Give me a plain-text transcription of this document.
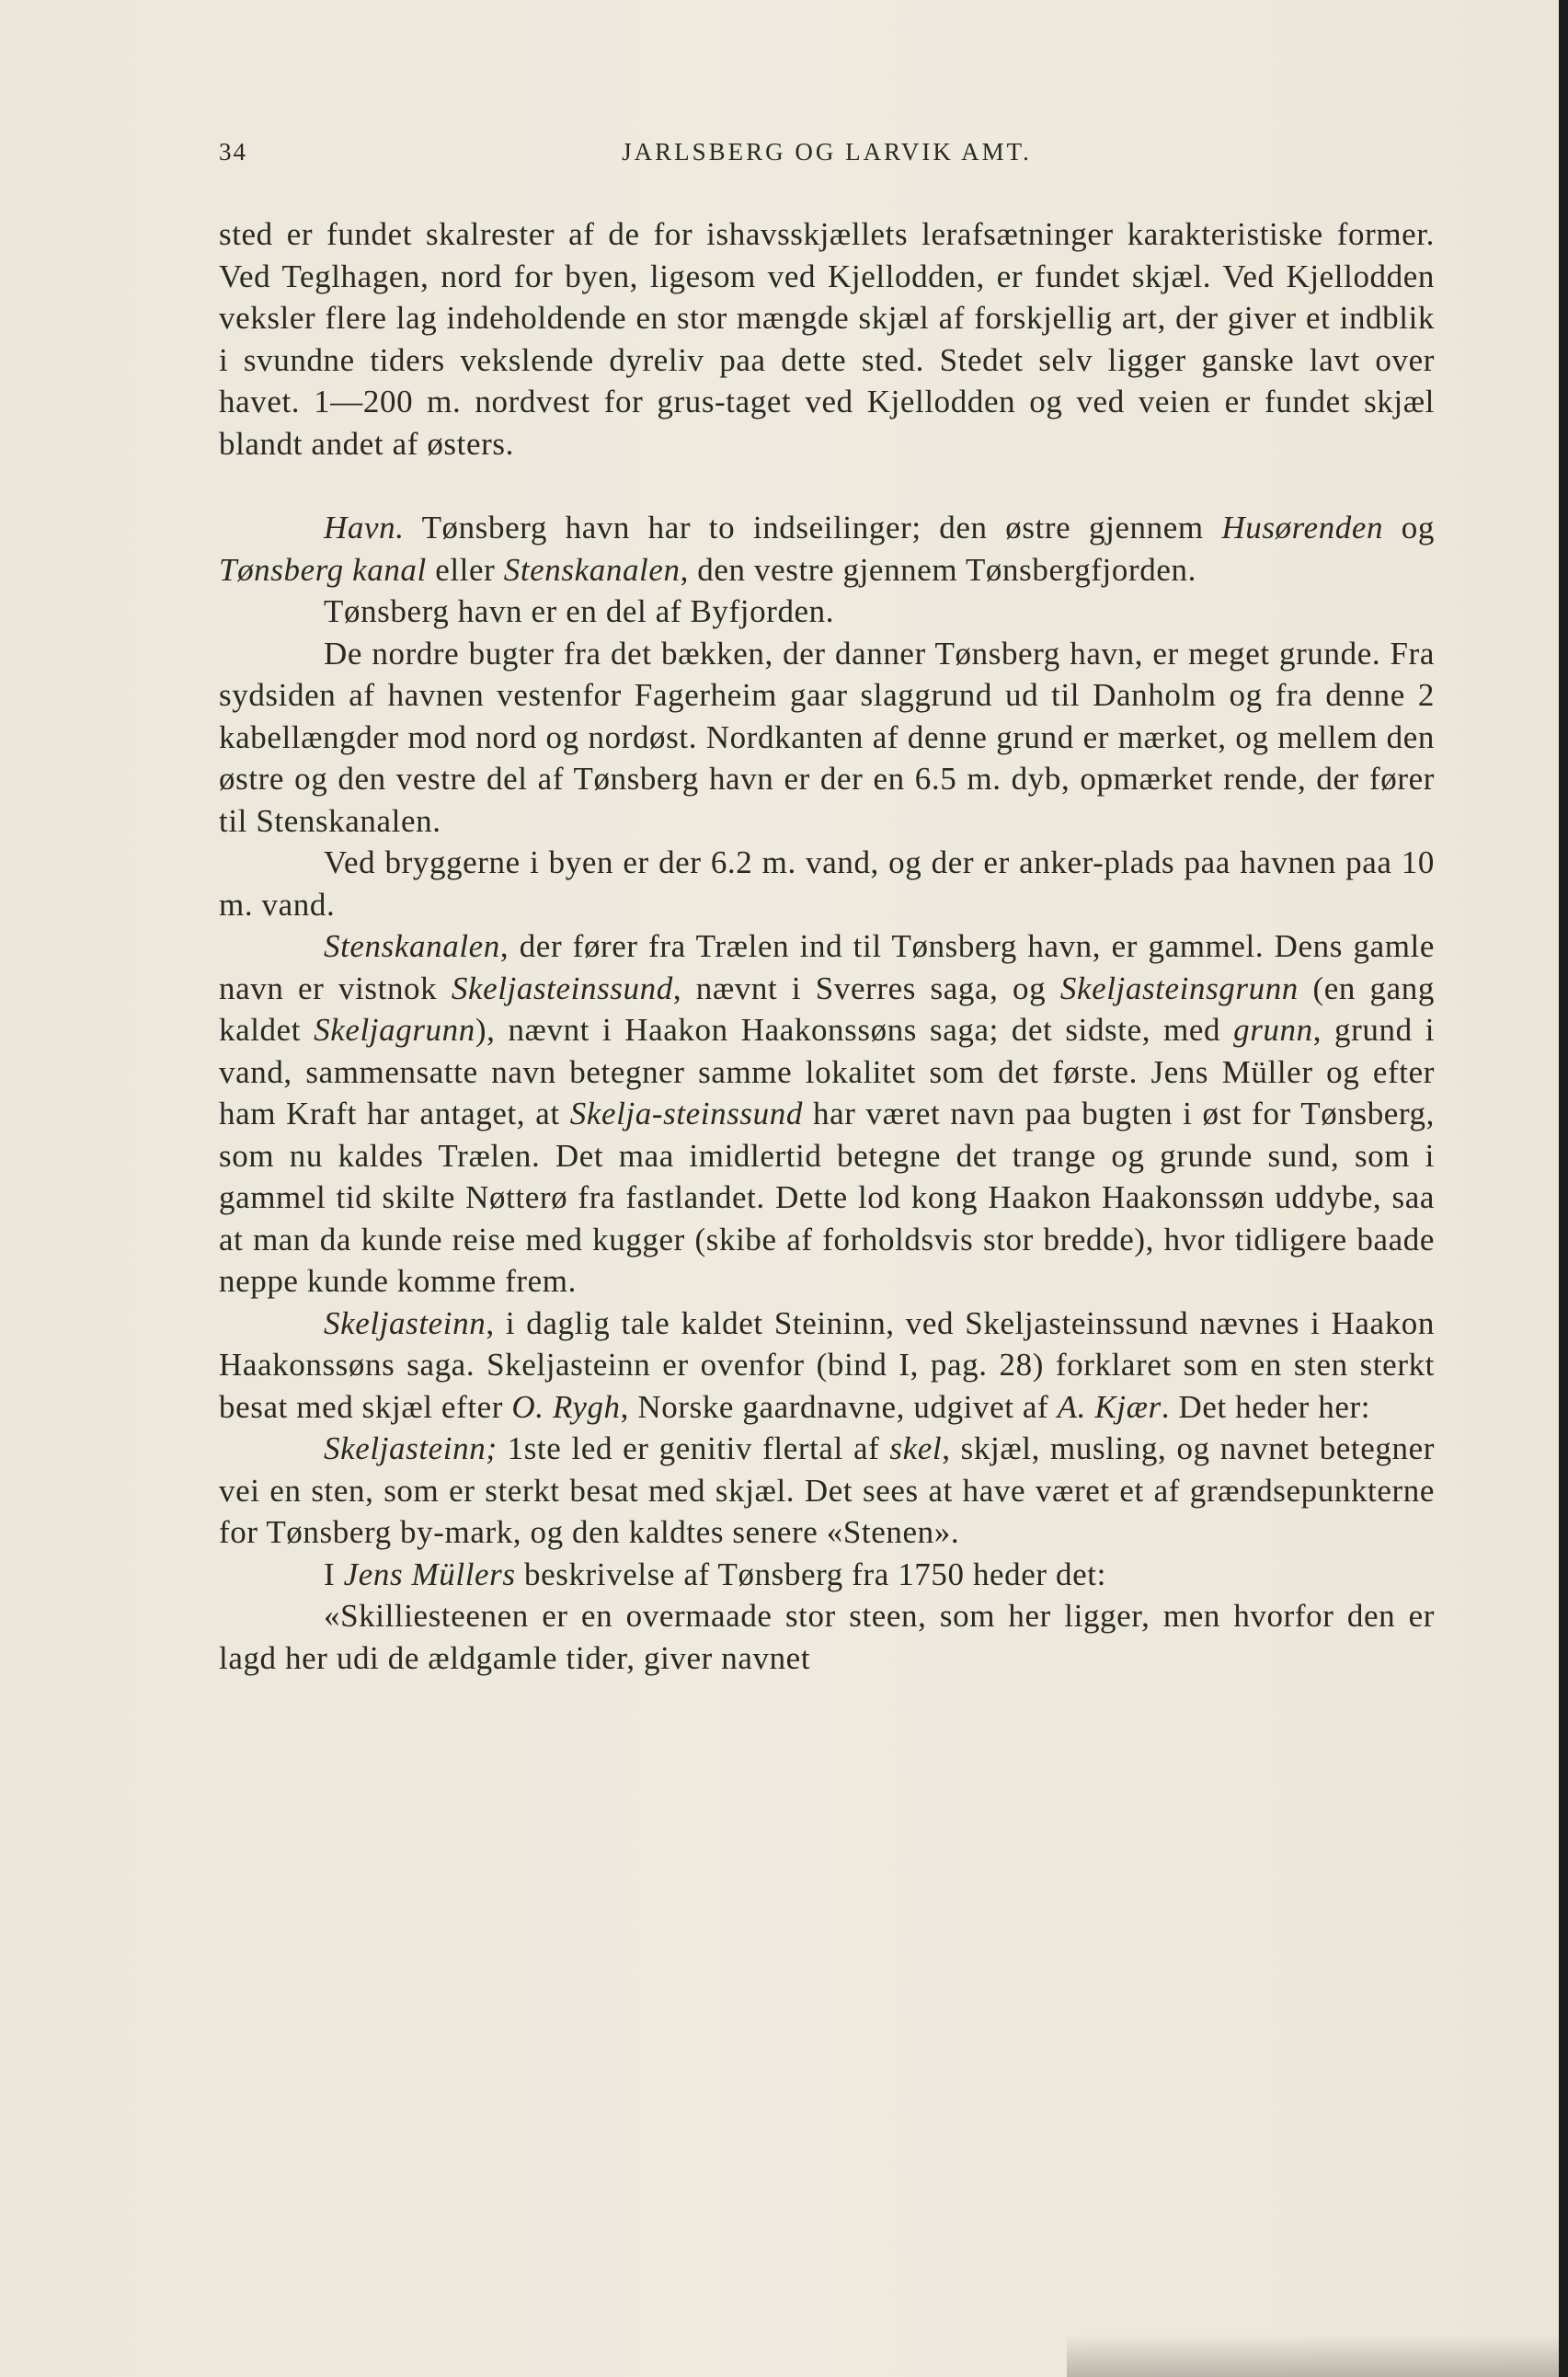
34	JARLSBERG OG LARVIK AMT.

sted er fundet skalrester af de for ishavsskjællets lerafsætninger karakteristiske former. Ved Teglhagen, nord for byen, ligesom ved Kjellodden, er fundet skjæl. Ved Kjellodden veksler flere lag indeholdende en stor mængde skjæl af forskjellig art, der giver et indblik i svundne tiders vekslende dyreliv paa dette sted. Stedet selv ligger ganske lavt over havet. 1—200 m. nordvest for grus-taget ved Kjellodden og ved veien er fundet skjæl blandt andet af østers.

Havn. Tønsberg havn har to indseilinger; den østre gjennem Husørenden og Tønsberg kanal eller Stenskanalen, den vestre gjennem Tønsbergfjorden.

Tønsberg havn er en del af Byfjorden.

De nordre bugter fra det bækken, der danner Tønsberg havn, er meget grunde. Fra sydsiden af havnen vestenfor Fagerheim gaar slaggrund ud til Danholm og fra denne 2 kabellængder mod nord og nordøst. Nordkanten af denne grund er mærket, og mellem den østre og den vestre del af Tønsberg havn er der en 6.5 m. dyb, opmærket rende, der fører til Stenskanalen.

Ved bryggerne i byen er der 6.2 m. vand, og der er anker-plads paa havnen paa 10 m. vand.

Stenskanalen, der fører fra Trælen ind til Tønsberg havn, er gammel. Dens gamle navn er vistnok Skeljasteinssund, nævnt i Sverres saga, og Skeljasteinsgrunn (en gang kaldet Skeljagrunn), nævnt i Haakon Haakonssøns saga; det sidste, med grunn, grund i vand, sammensatte navn betegner samme lokalitet som det første. Jens Müller og efter ham Kraft har antaget, at Skelja-steinssund har været navn paa bugten i øst for Tønsberg, som nu kaldes Trælen. Det maa imidlertid betegne det trange og grunde sund, som i gammel tid skilte Nøtterø fra fastlandet. Dette lod kong Haakon Haakonssøn uddybe, saa at man da kunde reise med kugger (skibe af forholdsvis stor bredde), hvor tidligere baade neppe kunde komme frem.

Skeljasteinn, i daglig tale kaldet Steininn, ved Skeljasteinssund nævnes i Haakon Haakonssøns saga. Skeljasteinn er ovenfor (bind I, pag. 28) forklaret som en sten sterkt besat med skjæl efter O. Rygh, Norske gaardnavne, udgivet af A. Kjær. Det heder her:

Skeljasteinn; 1ste led er genitiv flertal af skel, skjæl, musling, og navnet betegner vei en sten, som er sterkt besat med skjæl. Det sees at have været et af grændsepunkterne for Tønsberg by-mark, og den kaldtes senere «Stenen».

I Jens Müllers beskrivelse af Tønsberg fra 1750 heder det:

«Skilliesteenen er en overmaade stor steen, som her ligger, men hvorfor den er lagd her udi de ældgamle tider, giver navnet
